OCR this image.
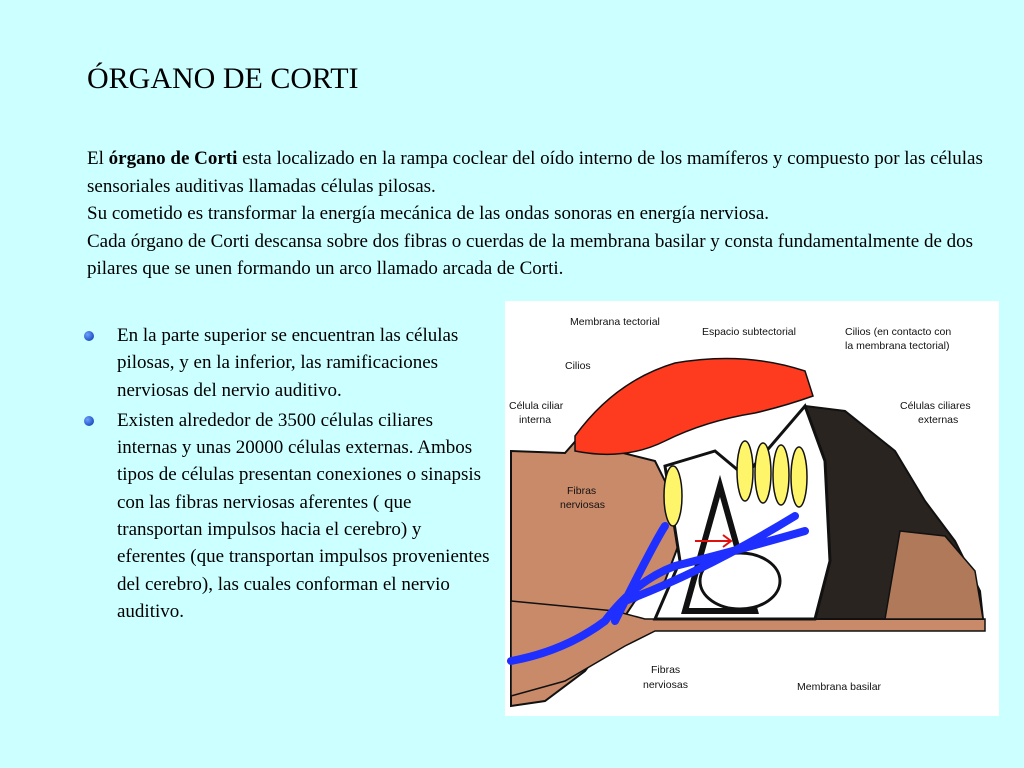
ÓRGANO DE CORTI

El órgano de Corti esta localizado en la rampa coclear del oído interno de los mamíferos y compuesto por las células sensoriales auditivas llamadas células pilosas.
Su cometido es transformar la energía mecánica de las ondas sonoras en energía nerviosa.
Cada órgano de Corti descansa sobre dos fibras o cuerdas de la membrana basilar y consta fundamentalmente de dos pilares que se unen formando un arco llamado arcada de Corti.

En la parte superior se encuentran las células pilosas, y en la inferior, las ramificaciones nerviosas del nervio auditivo.
Existen alrededor de 3500 células ciliares internas y unas 20000 células externas. Ambos tipos de células presentan conexiones o sinapsis con las fibras nerviosas aferentes ( que transportan impulsos hacia el cerebro) y eferentes (que transportan impulsos provenientes del cerebro), las cuales conforman el nervio auditivo.
Membrana tectorial
Espacio subtectorial	Cilios (en contacto con
la membrana tectorial)
Cilios
Célula ciliar
interna
Células ciliares
externas
Fibras
nerviosas
Fibras
nerviosas	Membrana basilar
